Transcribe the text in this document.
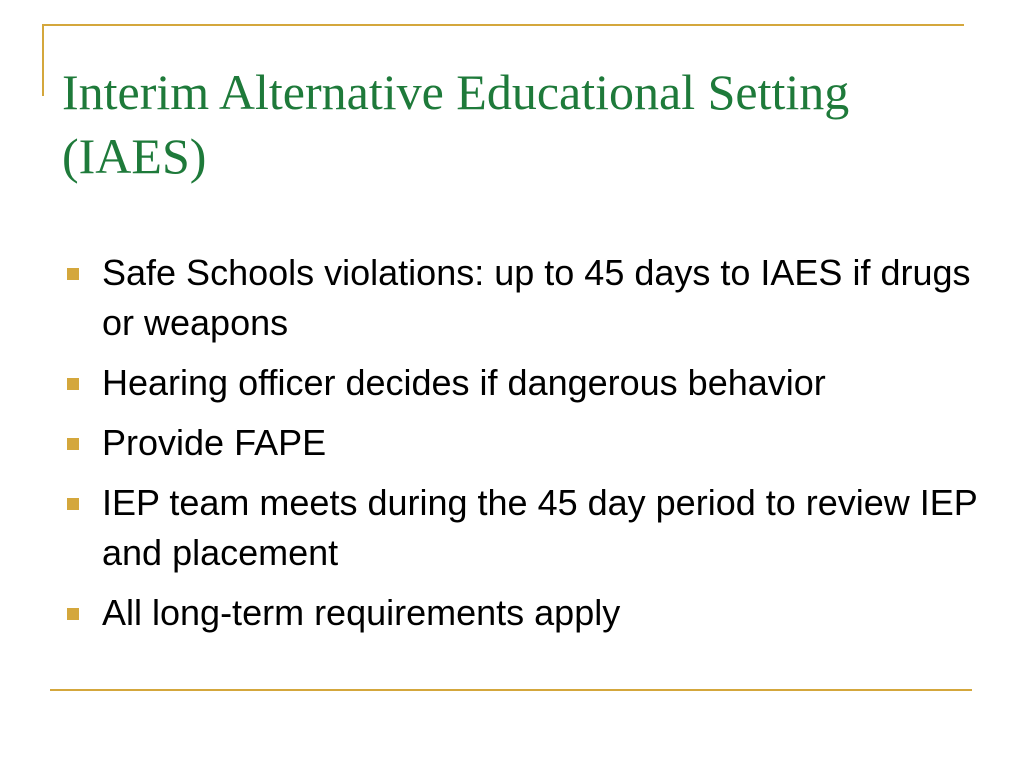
Interim Alternative Educational Setting (IAES)
Safe Schools violations: up to 45 days to IAES if drugs or weapons
Hearing officer decides if dangerous behavior
Provide FAPE
IEP team meets during the 45 day period to review IEP and placement
All long-term requirements apply
